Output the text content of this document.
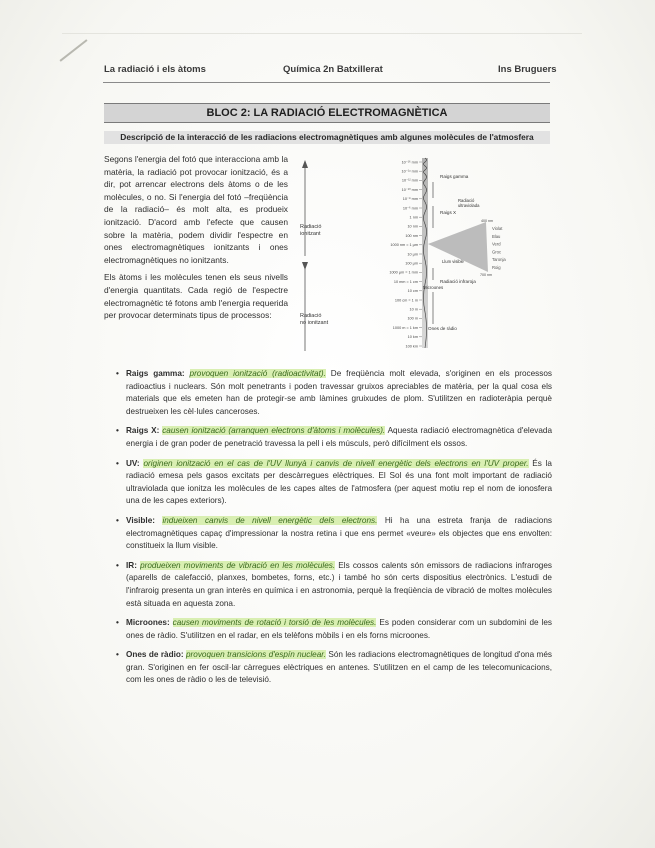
La radiació i els àtoms	Química 2n Batxillerat	Ins Bruguers
BLOC 2: LA RADIACIÓ ELECTROMAGNÈTICA
Descripció de la interacció de les radiacions electromagnètiques amb algunes molècules de l'atmosfera

Segons l'energia del fotó que interacciona amb la matèria, la radiació pot provocar ionització, és a dir, pot arrencar electrons dels àtoms o de les molècules, o no. Si l'energia del fotó –freqüència de la radiació– és molt alta, es produeix ionització. D'acord amb l'efecte que causen sobre la matèria, podem dividir l'espectre en ones electromagnètiques ionitzants i ones electromagnètiques no ionitzants.

Els àtoms i les molècules tenen els seus nivells d'energia quantitats. Cada regió de l'espectre electromagnètic té fotons amb l'energia requerida per provocar determinats tipus de processos:

Radiació ionitzant
Radiació no ionitzant
10⁻¹⁶ mm
10⁻¹⁴ mm
10⁻¹² mm
10⁻¹⁰ mm
10⁻⁸ mm
10⁻⁶ mm
1 nm
10 nm
100 nm
1000 nm = 1 µm
10 µm
100 µm
1000 µm = 1 mm
10 mm = 1 cm
10 cm
100 cm = 1 m
10 m
100 m
1000 m = 1 km
10 km
100 km
Raigs gamma
Raigs X
Radiació ultraviolada
Violat
Blau
Verd
Groc
Taronja
Roig
400 nm
700 nm
Llum visible
Radiació infraroja
Microones
Ones de ràdio
• Raigs gamma: provoquen ionització (radioactivitat). De freqüència molt elevada, s'originen en els processos radioactius i nuclears. Són molt penetrants i poden travessar gruixos apreciables de matèria, per la qual cosa els materials que els emeten han de protegir-se amb làmines gruixudes de plom. S'utilitzen en radioteràpia perquè destrueixen les cèl·lules canceroses.
• Raigs X: causen ionització (arranquen electrons d'àtoms i molècules). Aquesta radiació electromagnètica d'elevada energia i de gran poder de penetració travessa la pell i els músculs, però difícilment els ossos.
• UV: originen ionització en el cas de l'UV llunyà i canvis de nivell energètic dels electrons en l'UV proper. És la radiació emesa pels gasos excitats per descàrregues elèctriques. El Sol és una font molt important de radiació ultraviolada que ionitza les molècules de les capes altes de l'atmosfera (per aquest motiu rep el nom de ionosfera una de les capes exteriors).
• Visible: indueixen canvis de nivell energètic dels electrons. Hi ha una estreta franja de radiacions electromagnètiques capaç d'impressionar la nostra retina i que ens permet «veure» els objectes que ens envolten: constitueix la llum visible.
• IR: produeixen moviments de vibració en les molècules. Els cossos calents són emissors de radiacions infraroges (aparells de calefacció, planxes, bombetes, forns, etc.) i també ho són certs dispositius electrònics. L'estudi de l'infraroig presenta un gran interès en química i en astronomia, perquè la freqüència de vibració de moltes molècules està situada en aquesta zona.
• Microones: causen moviments de rotació i torsió de les molècules. Es poden considerar com un subdomini de les ones de ràdio. S'utilitzen en el radar, en els telèfons mòbils i en els forns microones.
• Ones de ràdio: provoquen transicions d'espín nuclear. Són les radiacions electromagnètiques de longitud d'ona més gran. S'originen en fer oscil·lar càrregues elèctriques en antenes. S'utilitzen en el camp de les telecomunicacions, com les ones de ràdio o les de televisió.
